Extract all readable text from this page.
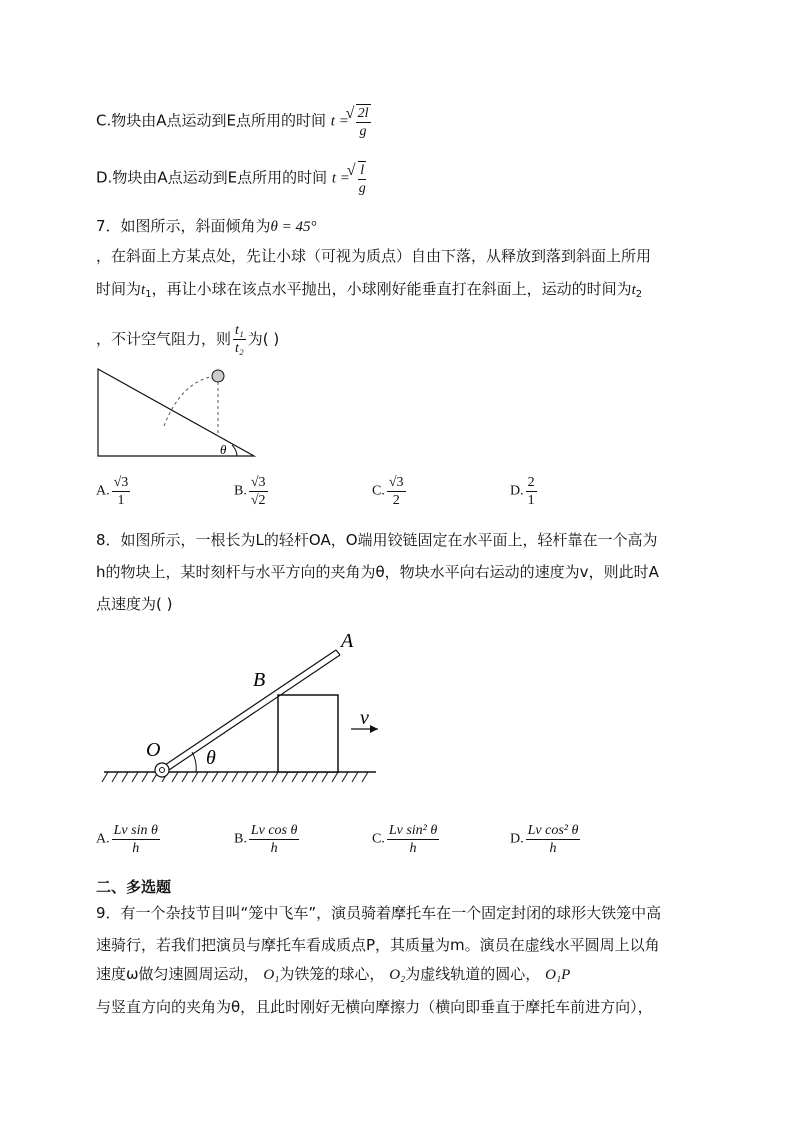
C.物块由A点运动到E点所用的时间 t =
√ 2l
g
D.物块由A点运动到E点所用的时间 t =
√ l
g
7．如图所示，斜面倾角为θ = 45°
，在斜面上方某点处，先让小球（可视为质点）自由下落，从释放到落到斜面上所用
时间为$t_1$，再让小球在该点水平抛出，小球刚好能垂直打在斜面上，运动的时间为$t_2$
，不计空气阻力，则 $\frac{\text{t₁}}{\text{t₂}}$ 为( )
θ
A. $\frac{√3}{1}$	B. $\frac{√3}{√2}$	C. $\frac{√3}{2}$	D. $\frac{2}{1}$
8．如图所示，一根长为L的轻杆OA，O端用铰链固定在水平面上，轻杆靠在一个高为
h的物块上，某时刻杆与水平方向的夹角为θ，物块水平向右运动的速度为v，则此时A
点速度为( )
θ
O
B
A
v
A. $\frac{\text{Lv sin θ}}{h}$	B. $\frac{\text{Lv cos θ}}{h}$	C. $\frac{\text{Lv sin² θ}}{h}$	D. $\frac{\text{Lv cos² θ}}{h}$
二、多选题
9．有一个杂技节目叫“笼中飞车”，演员骑着摩托车在一个固定封闭的球形大铁笼中高
速骑行，若我们把演员与摩托车看成质点P，其质量为m。演员在虚线水平圆周上以角
速度ω做匀速圆周运动， O₁为铁笼的球心， O₂为虚线轨道的圆心， O₁P
与竖直方向的夹角为θ，且此时刚好无横向摩擦力（横向即垂直于摩托车前进方向），
